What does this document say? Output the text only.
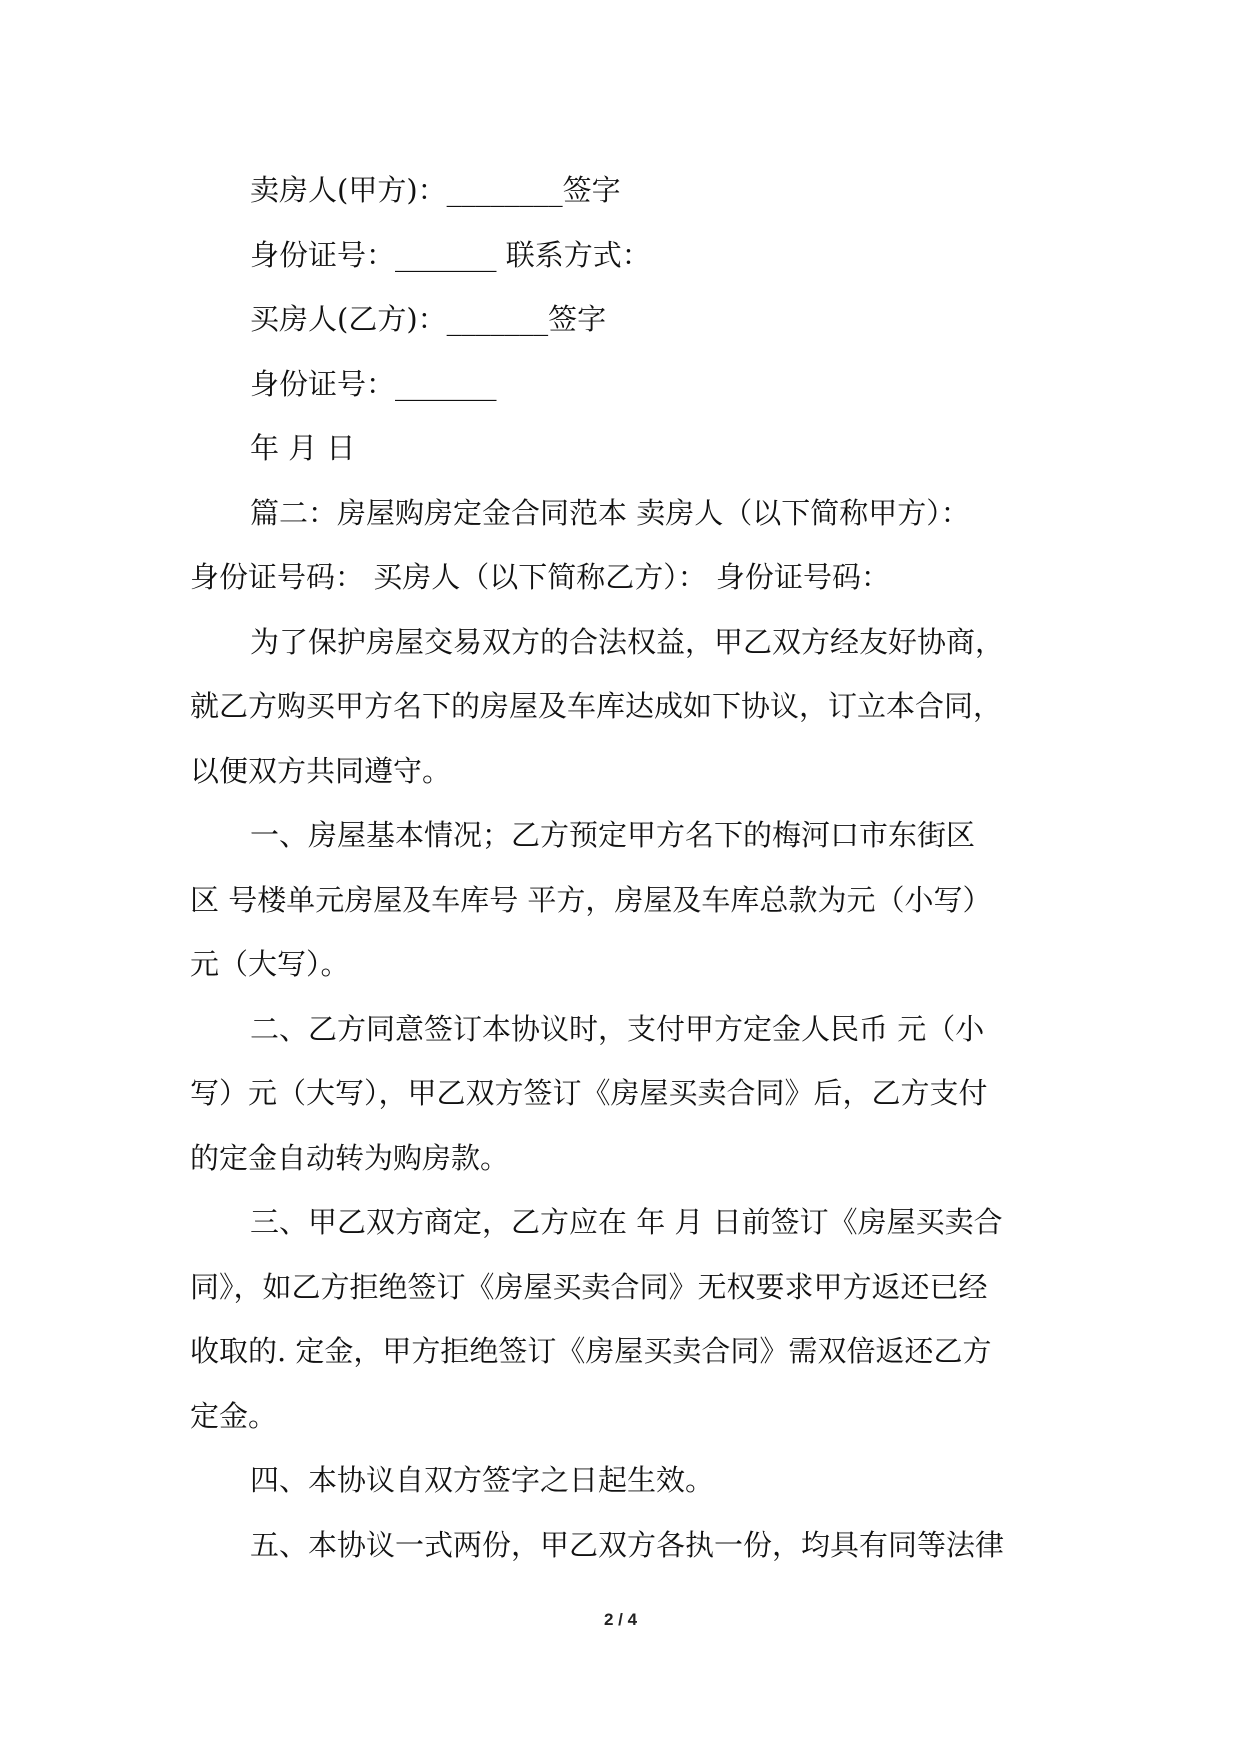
卖房人(甲方)：________签字
身份证号：_______ 联系方式：
买房人(乙方)：_______签字
身份证号：_______
年 月 日
篇二：房屋购房定金合同范本 卖房人（以下简称甲方）：
身份证号码： 买房人（以下简称乙方）： 身份证号码：
为了保护房屋交易双方的合法权益，甲乙双方经友好协商，
就乙方购买甲方名下的房屋及车库达成如下协议，订立本合同，
以便双方共同遵守。
一、房屋基本情况；乙方预定甲方名下的梅河口市东街区
区 号楼单元房屋及车库号 平方，房屋及车库总款为元（小写）
元（大写）。
二、乙方同意签订本协议时，支付甲方定金人民币 元（小
写）元（大写），甲乙双方签订《房屋买卖合同》后，乙方支付
的定金自动转为购房款。
三、甲乙双方商定，乙方应在 年 月 日前签订《房屋买卖合
同》，如乙方拒绝签订《房屋买卖合同》无权要求甲方返还已经
收取的. 定金，甲方拒绝签订《房屋买卖合同》需双倍返还乙方
定金。
四、本协议自双方签字之日起生效。
五、本协议一式两份，甲乙双方各执一份，均具有同等法律
2 / 4
